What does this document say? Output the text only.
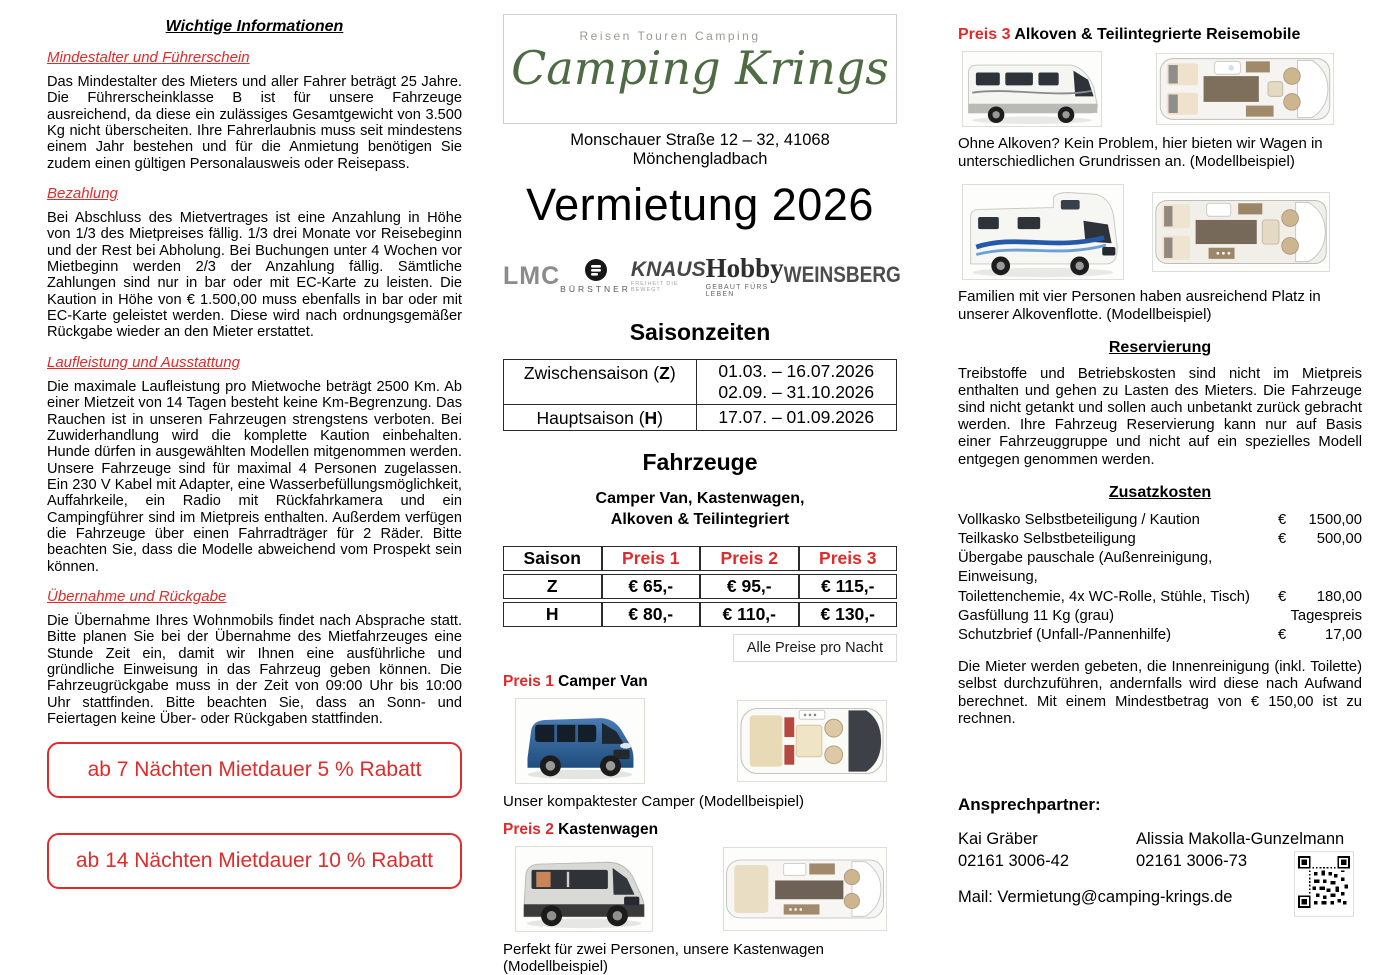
Wichtige Informationen
Mindestalter und Führerschein

Das Mindestalter des Mieters und aller Fahrer beträgt 25 Jahre. Die Führerscheinklasse B ist für unsere Fahrzeuge ausreichend, da diese ein zulässiges Gesamtgewicht von 3.500 Kg nicht überscheiten. Ihre Fahrerlaubnis muss seit mindestens einem Jahr bestehen und für die Anmietung benötigen Sie zudem einen gültigen Personalausweis oder Reisepass.

Bezahlung

Bei Abschluss des Mietvertrages ist eine Anzahlung in Höhe von 1/3 des Mietpreises fällig. 1/3 drei Monate vor Reisebeginn und der Rest bei Abholung. Bei Buchungen unter 4 Wochen vor Mietbeginn werden 2/3 der Anzahlung fällig. Sämtliche Zahlungen sind nur in bar oder mit EC-Karte zu leisten. Die Kaution in Höhe von € 1.500,00 muss ebenfalls in bar oder mit EC-Karte geleistet werden. Diese wird nach ordnungsgemäßer Rückgabe wieder an den Mieter erstattet.

Laufleistung und Ausstattung

Die maximale Laufleistung pro Mietwoche beträgt 2500 Km. Ab einer Mietzeit von 14 Tagen besteht keine Km-Begrenzung. Das Rauchen ist in unseren Fahrzeugen strengstens verboten. Bei Zuwiderhandlung wird die komplette Kaution einbehalten. Hunde dürfen in ausgewählten Modellen mitgenommen werden. Unsere Fahrzeuge sind für maximal 4 Personen zugelassen. Ein 230 V Kabel mit Adapter, eine Wasserbefüllungsmöglichkeit, Auffahrkeile, ein Radio mit Rückfahrkamera und ein Campingführer sind im Mietpreis enthalten. Außerdem verfügen die Fahrzeuge über einen Fahrradträger für 2 Räder. Bitte beachten Sie, dass die Modelle abweichend vom Prospekt sein können.

Übernahme und Rückgabe

Die Übernahme Ihres Wohnmobils findet nach Absprache statt. Bitte planen Sie bei der Übernahme des Mietfahrzeuges eine Stunde Zeit ein, damit wir Ihnen eine ausführliche und gründliche Einweisung in das Fahrzeug geben können. Die Fahrzeugrückgabe muss in der Zeit von 09:00 Uhr bis 10:00 Uhr stattfinden. Bitte beachten Sie, dass an Sonn- und Feiertagen keine Über- oder Rückgaben stattfinden.

ab 7 Nächten Mietdauer 5 % Rabatt
ab 14 Nächten Mietdauer 10 % Rabatt
Reisen Touren Camping
Camping Krings
Monschauer Straße 12 – 32, 41068 Mönchengladbach
Vermietung 2026
LMC BÜRSTNER
KNAUS
FREIHEIT DIE BEWEGT
Hobby
GEBAUT FÜRS LEBEN
WEINSBERG
Saisonzeiten
Zwischensaison (Z)	01.03. – 16.07.2026
02.09. – 31.10.2026

Hauptsaison (H)	17.07. – 01.09.2026
Fahrzeuge
Camper Van, Kastenwagen,
Alkoven & Teilintegriert
Saison	Preis 1	Preis 2	Preis 3
Z	€ 65,-	€ 95,-	€ 115,-
H	€ 80,-	€ 110,-	€ 130,-
Alle Preise pro Nacht
Preis 1 Camper Van
Unser kompaktester Camper (Modellbeispiel)
Preis 2 Kastenwagen
Perfekt für zwei Personen, unsere Kastenwagen (Modellbeispiel)
Preis 3 Alkoven & Teilintegrierte Reisemobile
Ohne Alkoven? Kein Problem, hier bieten wir Wagen in unterschiedlichen Grundrissen an. (Modellbeispiel)
Familien mit vier Personen haben ausreichend Platz in unserer Alkovenflotte. (Modellbeispiel)
Reservierung

Treibstoffe und Betriebskosten sind nicht im Mietpreis enthalten und gehen zu Lasten des Mieters. Die Fahrzeuge sind nicht getankt und sollen auch unbetankt zurück gebracht werden. Ihre Fahrzeug Reservierung kann nur auf Basis einer Fahrzeuggruppe und nicht auf ein spezielles Modell entgegen genommen werden.

Zusatzkosten
Vollkasko Selbstbeteiligung / Kaution	€	1500,00
Teilkasko Selbstbeteiligung	€	500,00
Übergabe pauschale (Außenreinigung, Einweisung,
Toilettenchemie, 4x WC-Rolle, Stühle, Tisch)	€	180,00
Gasfüllung 11 Kg (grau)	Tagespreis
Schutzbrief (Unfall-/Pannenhilfe)	€	17,00

Die Mieter werden gebeten, die Innenreinigung (inkl. Toilette) selbst durchzuführen, andernfalls wird diese nach Aufwand berechnet. Mit einem Mindestbetrag von € 150,00 ist zu rechnen.

Ansprechpartner:
Kai Gräber
02161 3006-42
Alissia Makolla-Gunzelmann
02161 3006-73
Mail: Vermietung@camping-krings.de
